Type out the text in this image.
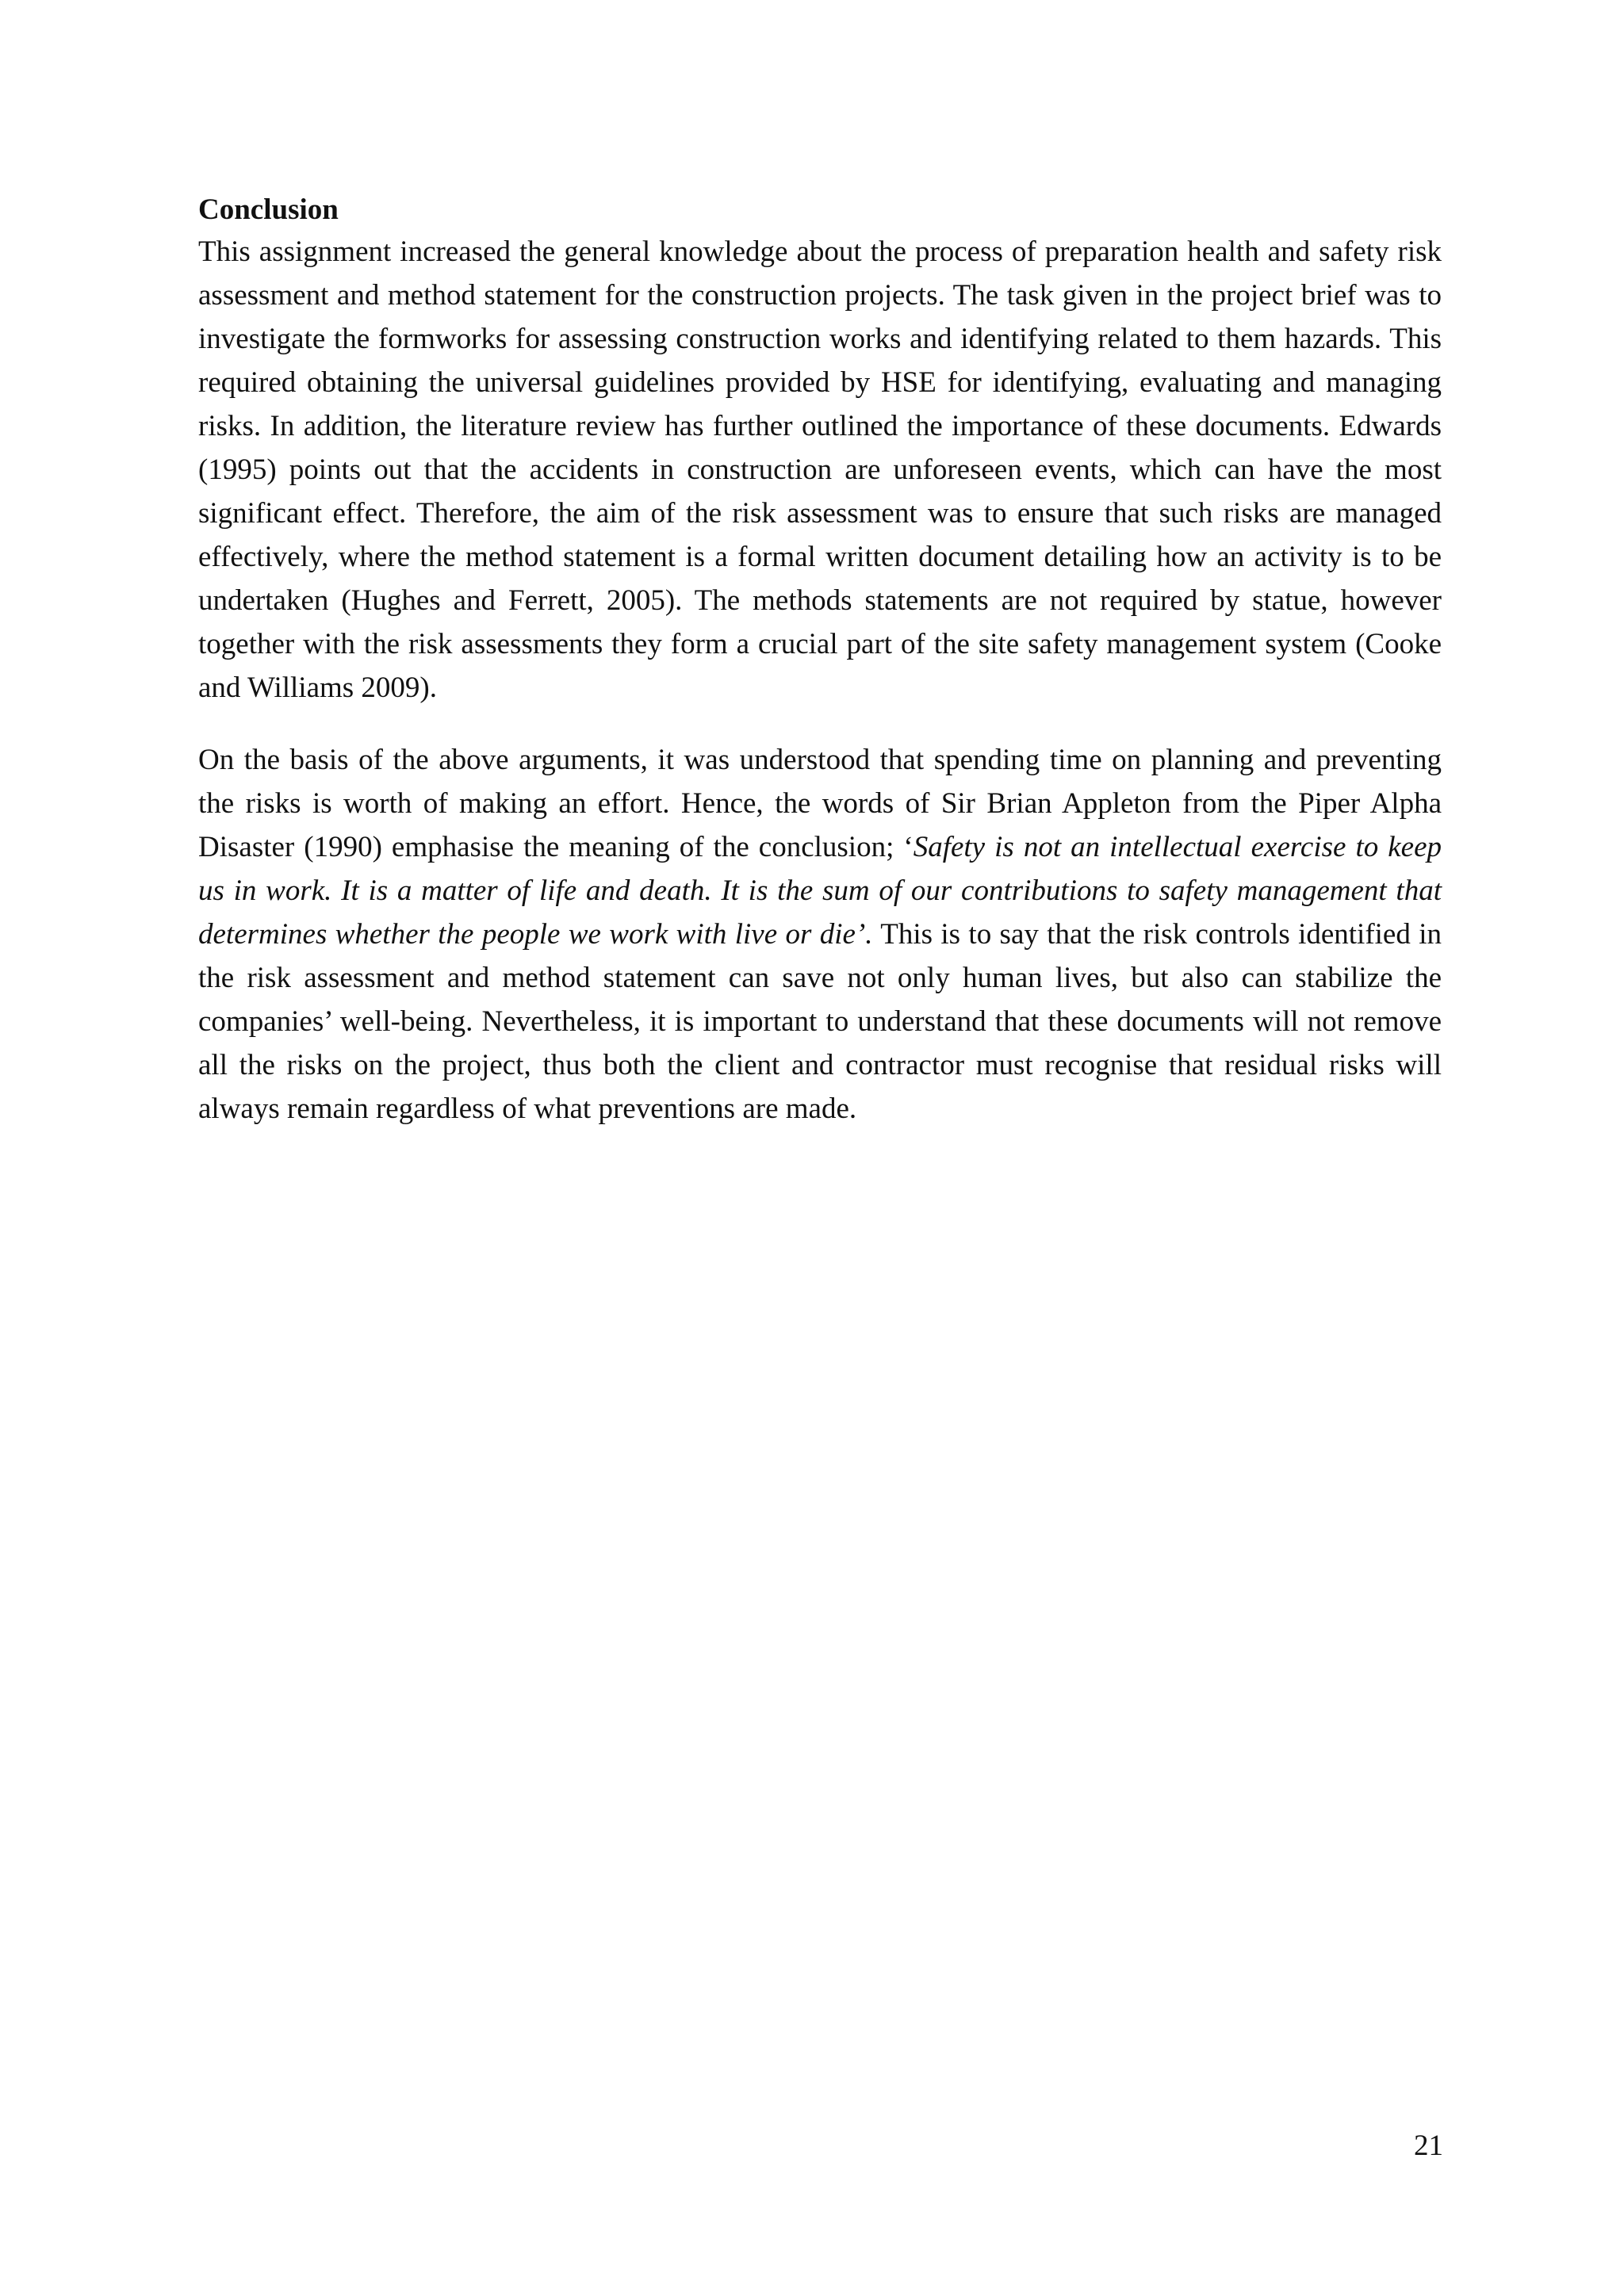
Conclusion

This assignment increased the general knowledge about the process of preparation health and safety risk assessment and method statement for the construction projects. The task given in the project brief was to investigate the formworks for assessing construction works and identifying related to them hazards. This required obtaining the universal guidelines provided by HSE for identifying, evaluating and managing risks. In addition, the literature review has further outlined the importance of these documents. Edwards (1995) points out that the accidents in construction are unforeseen events, which can have the most significant effect. Therefore, the aim of the risk assessment was to ensure that such risks are managed effectively, where the method statement is a formal written document detailing how an activity is to be undertaken (Hughes and Ferrett, 2005). The methods statements are not required by statue, however together with the risk assessments they form a crucial part of the site safety management system (Cooke and Williams 2009).

On the basis of the above arguments, it was understood that spending time on planning and preventing the risks is worth of making an effort. Hence, the words of Sir Brian Appleton from the Piper Alpha Disaster (1990) emphasise the meaning of the conclusion; ‘Safety is not an intellectual exercise to keep us in work. It is a matter of life and death. It is the sum of our contributions to safety management that determines whether the people we work with live or die’. This is to say that the risk controls identified in the risk assessment and method statement can save not only human lives, but also can stabilize the companies’ well-being. Nevertheless, it is important to understand that these documents will not remove all the risks on the project, thus both the client and contractor must recognise that residual risks will always remain regardless of what preventions are made.

21
